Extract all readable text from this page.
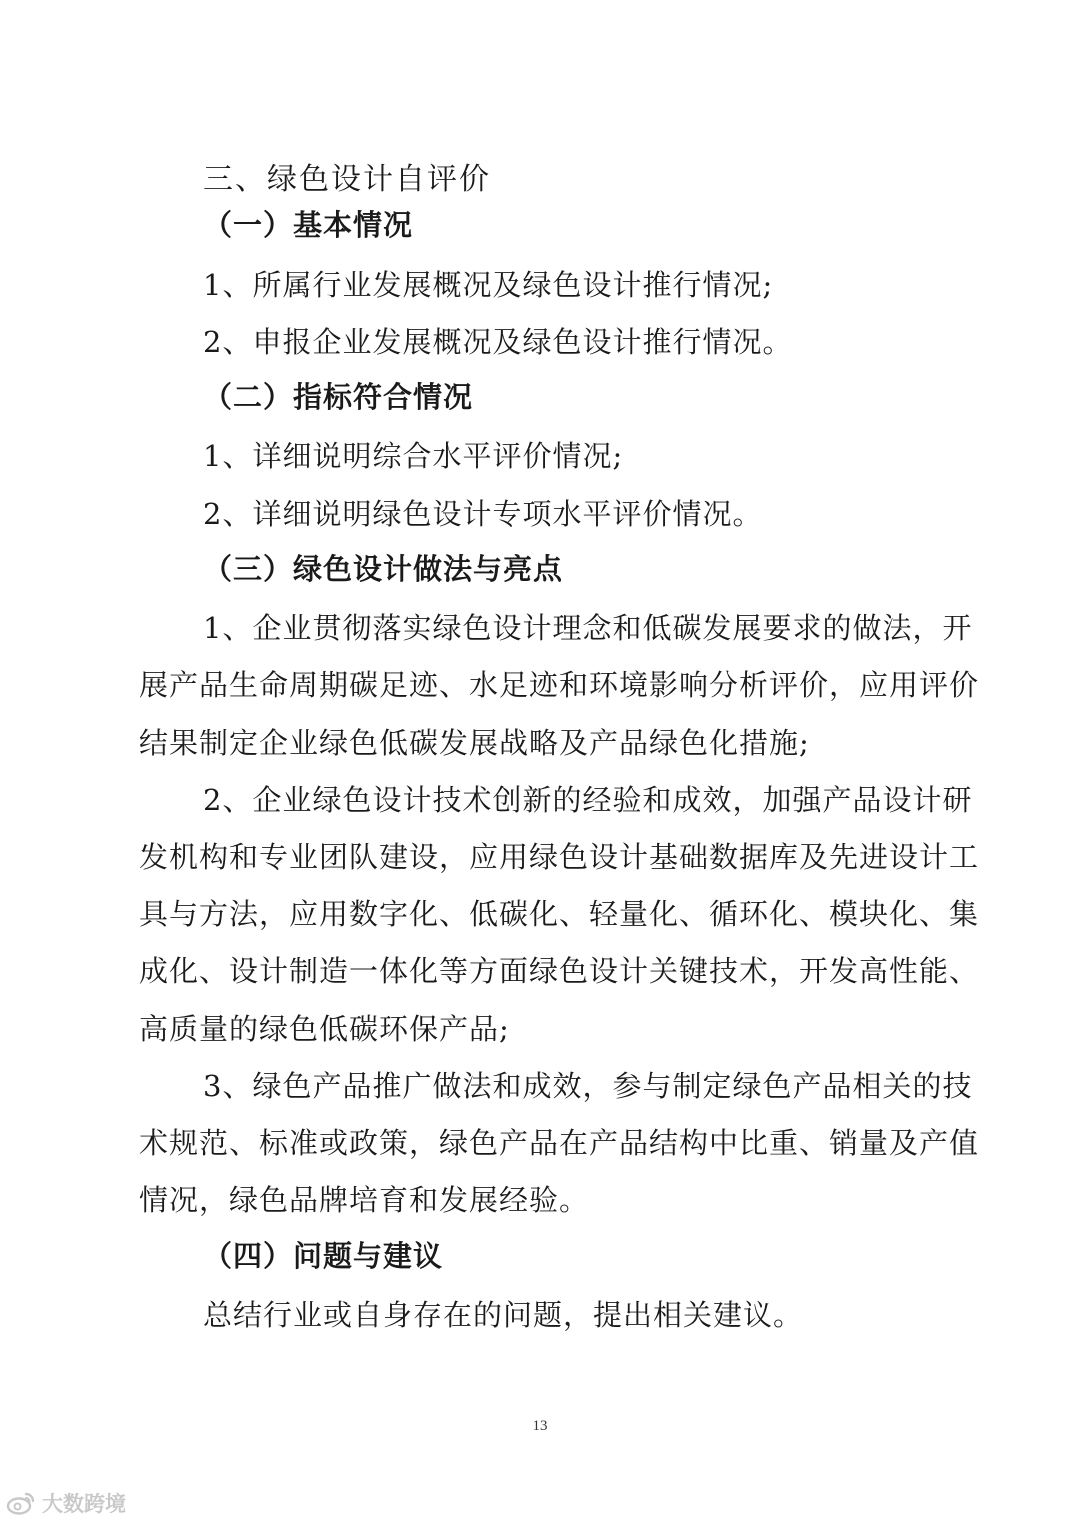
三、绿色设计自评价

（一）基本情况

1、所属行业发展概况及绿色设计推行情况;

2、申报企业发展概况及绿色设计推行情况。

（二）指标符合情况

1、详细说明综合水平评价情况;

2、详细说明绿色设计专项水平评价情况。

（三）绿色设计做法与亮点

1、企业贯彻落实绿色设计理念和低碳发展要求的做法，开

展产品生命周期碳足迹、水足迹和环境影响分析评价，应用评价

结果制定企业绿色低碳发展战略及产品绿色化措施;

2、企业绿色设计技术创新的经验和成效，加强产品设计研

发机构和专业团队建设，应用绿色设计基础数据库及先进设计工

具与方法，应用数字化、低碳化、轻量化、循环化、模块化、集

成化、设计制造一体化等方面绿色设计关键技术，开发高性能、

高质量的绿色低碳环保产品;

3、绿色产品推广做法和成效，参与制定绿色产品相关的技

术规范、标准或政策，绿色产品在产品结构中比重、销量及产值

情况，绿色品牌培育和发展经验。

（四）问题与建议

总结行业或自身存在的问题，提出相关建议。

13
大数跨境
